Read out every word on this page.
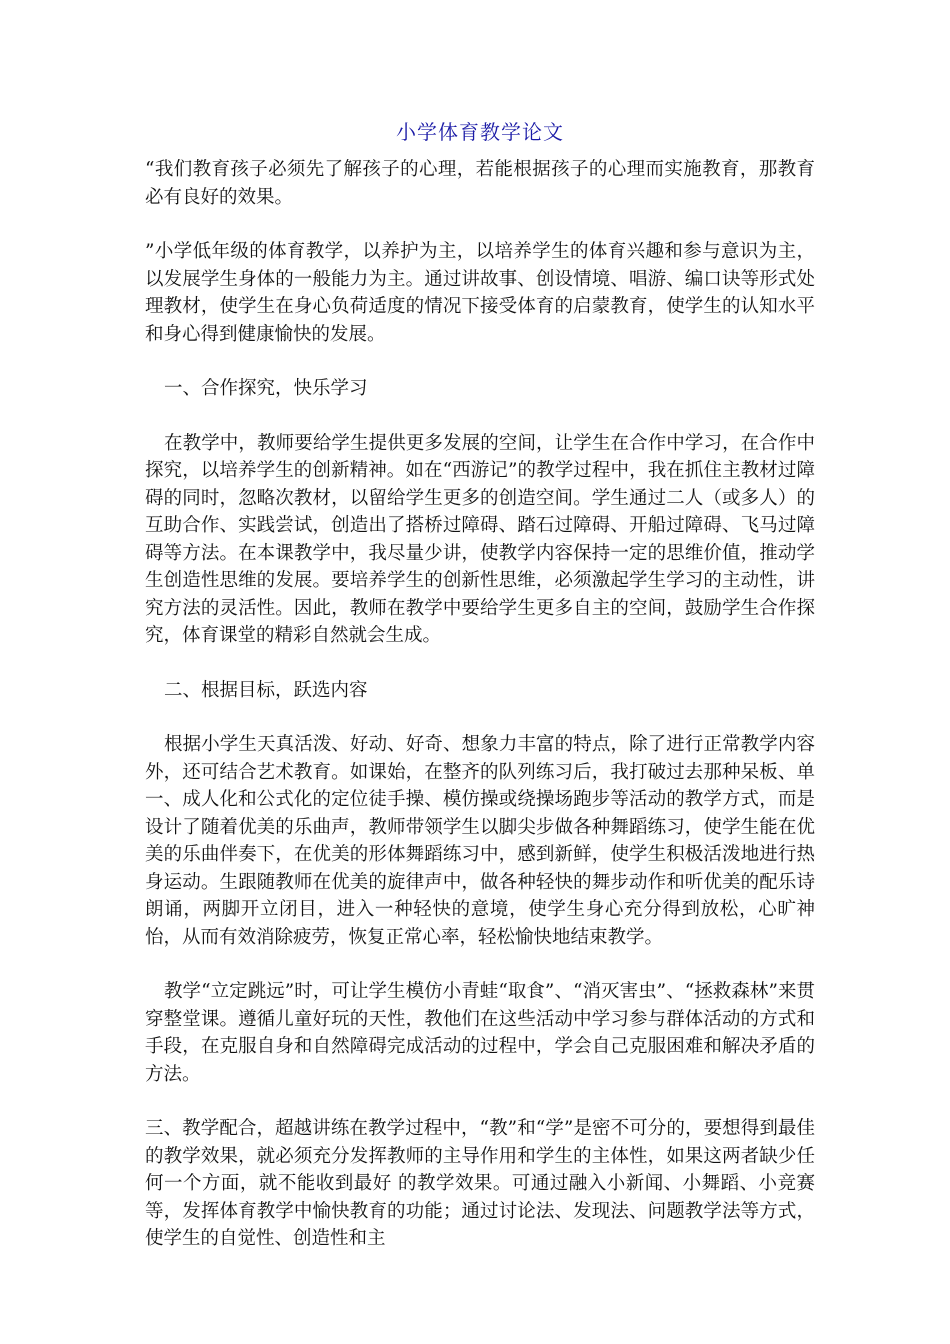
小学体育教学论文

“我们教育孩子必须先了解孩子的心理，若能根据孩子的心理而实施教育，那教育必有良好的效果。

”小学低年级的体育教学，以养护为主，以培养学生的体育兴趣和参与意识为主，以发展学生身体的一般能力为主。通过讲故事、创设情境、唱游、编口诀等形式处理教材，使学生在身心负荷适度的情况下接受体育的启蒙教育，使学生的认知水平和身心得到健康愉快的发展。

一、合作探究，快乐学习

在教学中，教师要给学生提供更多发展的空间，让学生在合作中学习，在合作中探究，以培养学生的创新精神。如在“西游记”的教学过程中，我在抓住主教材过障碍的同时，忽略次教材，以留给学生更多的创造空间。学生通过二人（或多人）的互助合作、实践尝试，创造出了搭桥过障碍、踏石过障碍、开船过障碍、飞马过障碍等方法。在本课教学中，我尽量少讲，使教学内容保持一定的思维价值，推动学生创造性思维的发展。要培养学生的创新性思维，必须激起学生学习的主动性，讲究方法的灵活性。因此，教师在教学中要给学生更多自主的空间，鼓励学生合作探究，体育课堂的精彩自然就会生成。

二、根据目标，跃选内容

根据小学生天真活泼、好动、好奇、想象力丰富的特点，除了进行正常教学内容外，还可结合艺术教育。如课始，在整齐的队列练习后，我打破过去那种呆板、单一、成人化和公式化的定位徒手操、模仿操或绕操场跑步等活动的教学方式，而是设计了随着优美的乐曲声，教师带领学生以脚尖步做各种舞蹈练习，使学生能在优美的乐曲伴奏下，在优美的形体舞蹈练习中，感到新鲜，使学生积极活泼地进行热身运动。生跟随教师在优美的旋律声中，做各种轻快的舞步动作和听优美的配乐诗朗诵，两脚开立闭目，进入一种轻快的意境，使学生身心充分得到放松，心旷神怡，从而有效消除疲劳，恢复正常心率，轻松愉快地结束教学。

教学“立定跳远”时，可让学生模仿小青蛙“取食”、“消灭害虫”、“拯救森林”来贯穿整堂课。遵循儿童好玩的天性，教他们在这些活动中学习参与群体活动的方式和手段，在克服自身和自然障碍完成活动的过程中，学会自己克服困难和解决矛盾的方法。

三、教学配合，超越讲练在教学过程中，“教”和“学”是密不可分的，要想得到最佳的教学效果，就必须充分发挥教师的主导作用和学生的主体性，如果这两者缺少任何一个方面，就不能收到最好 的教学效果。可通过融入小新闻、小舞蹈、小竞赛等，发挥体育教学中愉快教育的功能；通过讨论法、发现法、问题教学法等方式，使学生的自觉性、创造性和主
